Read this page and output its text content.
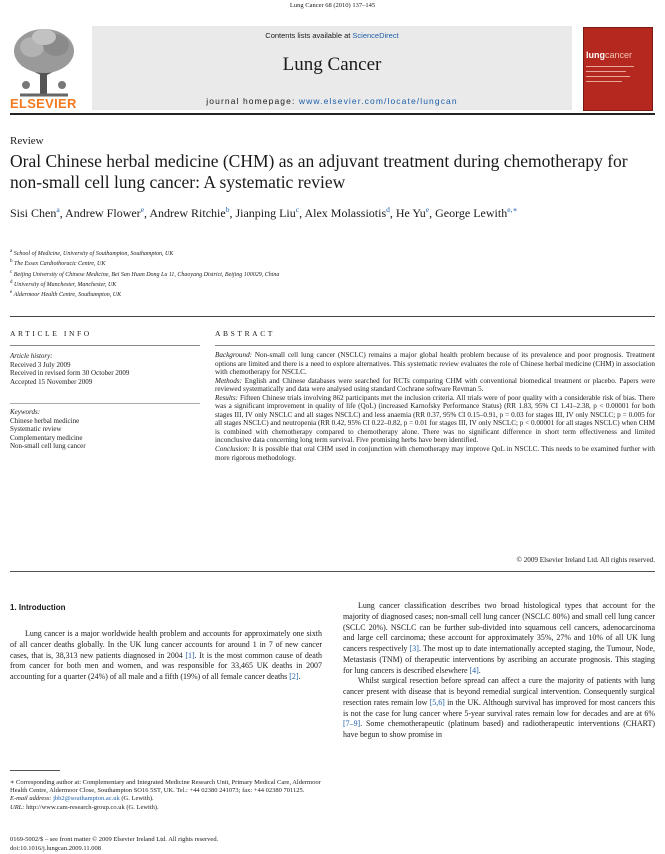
Lung Cancer 68 (2010) 137–145
ELSEVIER
Contents lists available at ScienceDirect
Lung Cancer
journal homepage: www.elsevier.com/locate/lungcan
lungcancer
Review
Oral Chinese herbal medicine (CHM) as an adjuvant treatment during chemotherapy for non-small cell lung cancer: A systematic review
Sisi Chen$^a$, Andrew Flower$^e$, Andrew Ritchie$^b$, Jianping Liu$^c$, Alex Molassiotis$^d$, He Yu$^e$, George Lewith$^{e,∗}$
$^a$ School of Medicine, University of Southampton, Southampton, UK
$^b$ The Essex Cardiothoracic Centre, UK
$^c$ Beijing University of Chinese Medicine, Bei San Huan Dong Lu 11, Chaoyang District, Beijing 100029, China
$^d$ University of Manchester, Manchester, UK
$^e$ Aldermoor Health Centre, Southampton, UK
ARTICLE INFO
Article history:
Received 3 July 2009
Received in revised form 30 October 2009
Accepted 15 November 2009
Keywords:
Chinese herbal medicine
Systematic review
Complementary medicine
Non-small cell lung cancer
ABSTRACT

Background: Non-small cell lung cancer (NSCLC) remains a major global health problem because of its prevalence and poor prognosis. Treatment options are limited and there is a need to explore alternatives. This systematic review evaluates the role of Chinese herbal medicine (CHM) in association with chemotherapy for NSCLC.

Methods: English and Chinese databases were searched for RCTs comparing CHM with conventional biomedical treatment or placebo. Papers were reviewed systematically and data were analysed using standard Cochrane software Revman 5.

Results: Fifteen Chinese trials involving 862 participants met the inclusion criteria. All trials were of poor quality with a considerable risk of bias. There was a significant improvement in quality of life (QoL) (increased Karnofsky Performance Status) (RR 1.83, 95% CI 1.41–2.38, p < 0.00001 for both stages III, IV only NSCLC and all stages NSCLC) and less anaemia (RR 0.37, 95% CI 0.15–0.91, p = 0.03 for stages III, IV only NSCLC; p = 0.005 for all stages NSCLC) and neutropenia (RR 0.42, 95% CI 0.22–0.82, p = 0.01 for stages III, IV only NSCLC; p < 0.00001 for all stages NSCLC) when CHM is combined with chemotherapy compared to chemotherapy alone. There was no significant difference in short term effectiveness and limited inconclusive data concerning long term survival. Five promising herbs have been identified.

Conclusion: It is possible that oral CHM used in conjunction with chemotherapy may improve QoL in NSCLC. This needs to be examined further with more rigorous methodology.

© 2009 Elsevier Ireland Ltd. All rights reserved.
1. Introduction
Lung cancer is a major worldwide health problem and accounts for approximately one sixth of all cancer deaths globally. In the UK lung cancer accounts for around 1 in 7 of new cancer cases, that is, 38,313 new patients diagnosed in 2004 [1]. It is the most common cause of death from cancer for both men and women, and was responsible for 33,465 UK deaths in 2007 accounting for a quarter (24%) of all male and a fifth (19%) of all female cancer deaths [2].

Lung cancer classification describes two broad histological types that account for the majority of diagnosed cases; non-small cell lung cancer (NSCLC 80%) and small cell lung cancer (SCLC 20%). NSCLC can be further sub-divided into squamous cell cancers, adenocarcinoma and large cell carcinoma; these account for approximately 35%, 27% and 10% of all UK lung cancers respectively [3]. The most up to date internationally accepted staging, the Tumour, Node, Metastasis (TNM) of therapeutic interventions by ascribing an accurate prognosis. This staging for lung cancers is described elsewhere [4].

Whilst surgical resection before spread can affect a cure the majority of patients with lung cancer present with disease that is beyond remedial surgical intervention. Consequently surgical resection rates remain low [5,6] in the UK. Although survival has improved for most cancers this is not the case for lung cancer where 5-year survival rates remain low for decades and are at 6% [7–9]. Some chemotherapeutic (platinum based) and radiotherapeutic interventions (CHART) have begun to show promise in

∗ Corresponding author at: Complementary and Integrated Medicine Research Unit, Primary Medical Care, Aldermoor Health Centre, Aldermoor Close, Southampton SO16 5ST, UK. Tel.: +44 02380 241073; fax: +44 02380 701125.
E-mail address: jbb2@southampton.ac.uk (G. Lewith).
URL: http://www.cam-research-group.co.uk (G. Lewith).
0169-5002/$ – see front matter © 2009 Elsevier Ireland Ltd. All rights reserved.
doi:10.1016/j.lungcan.2009.11.008
